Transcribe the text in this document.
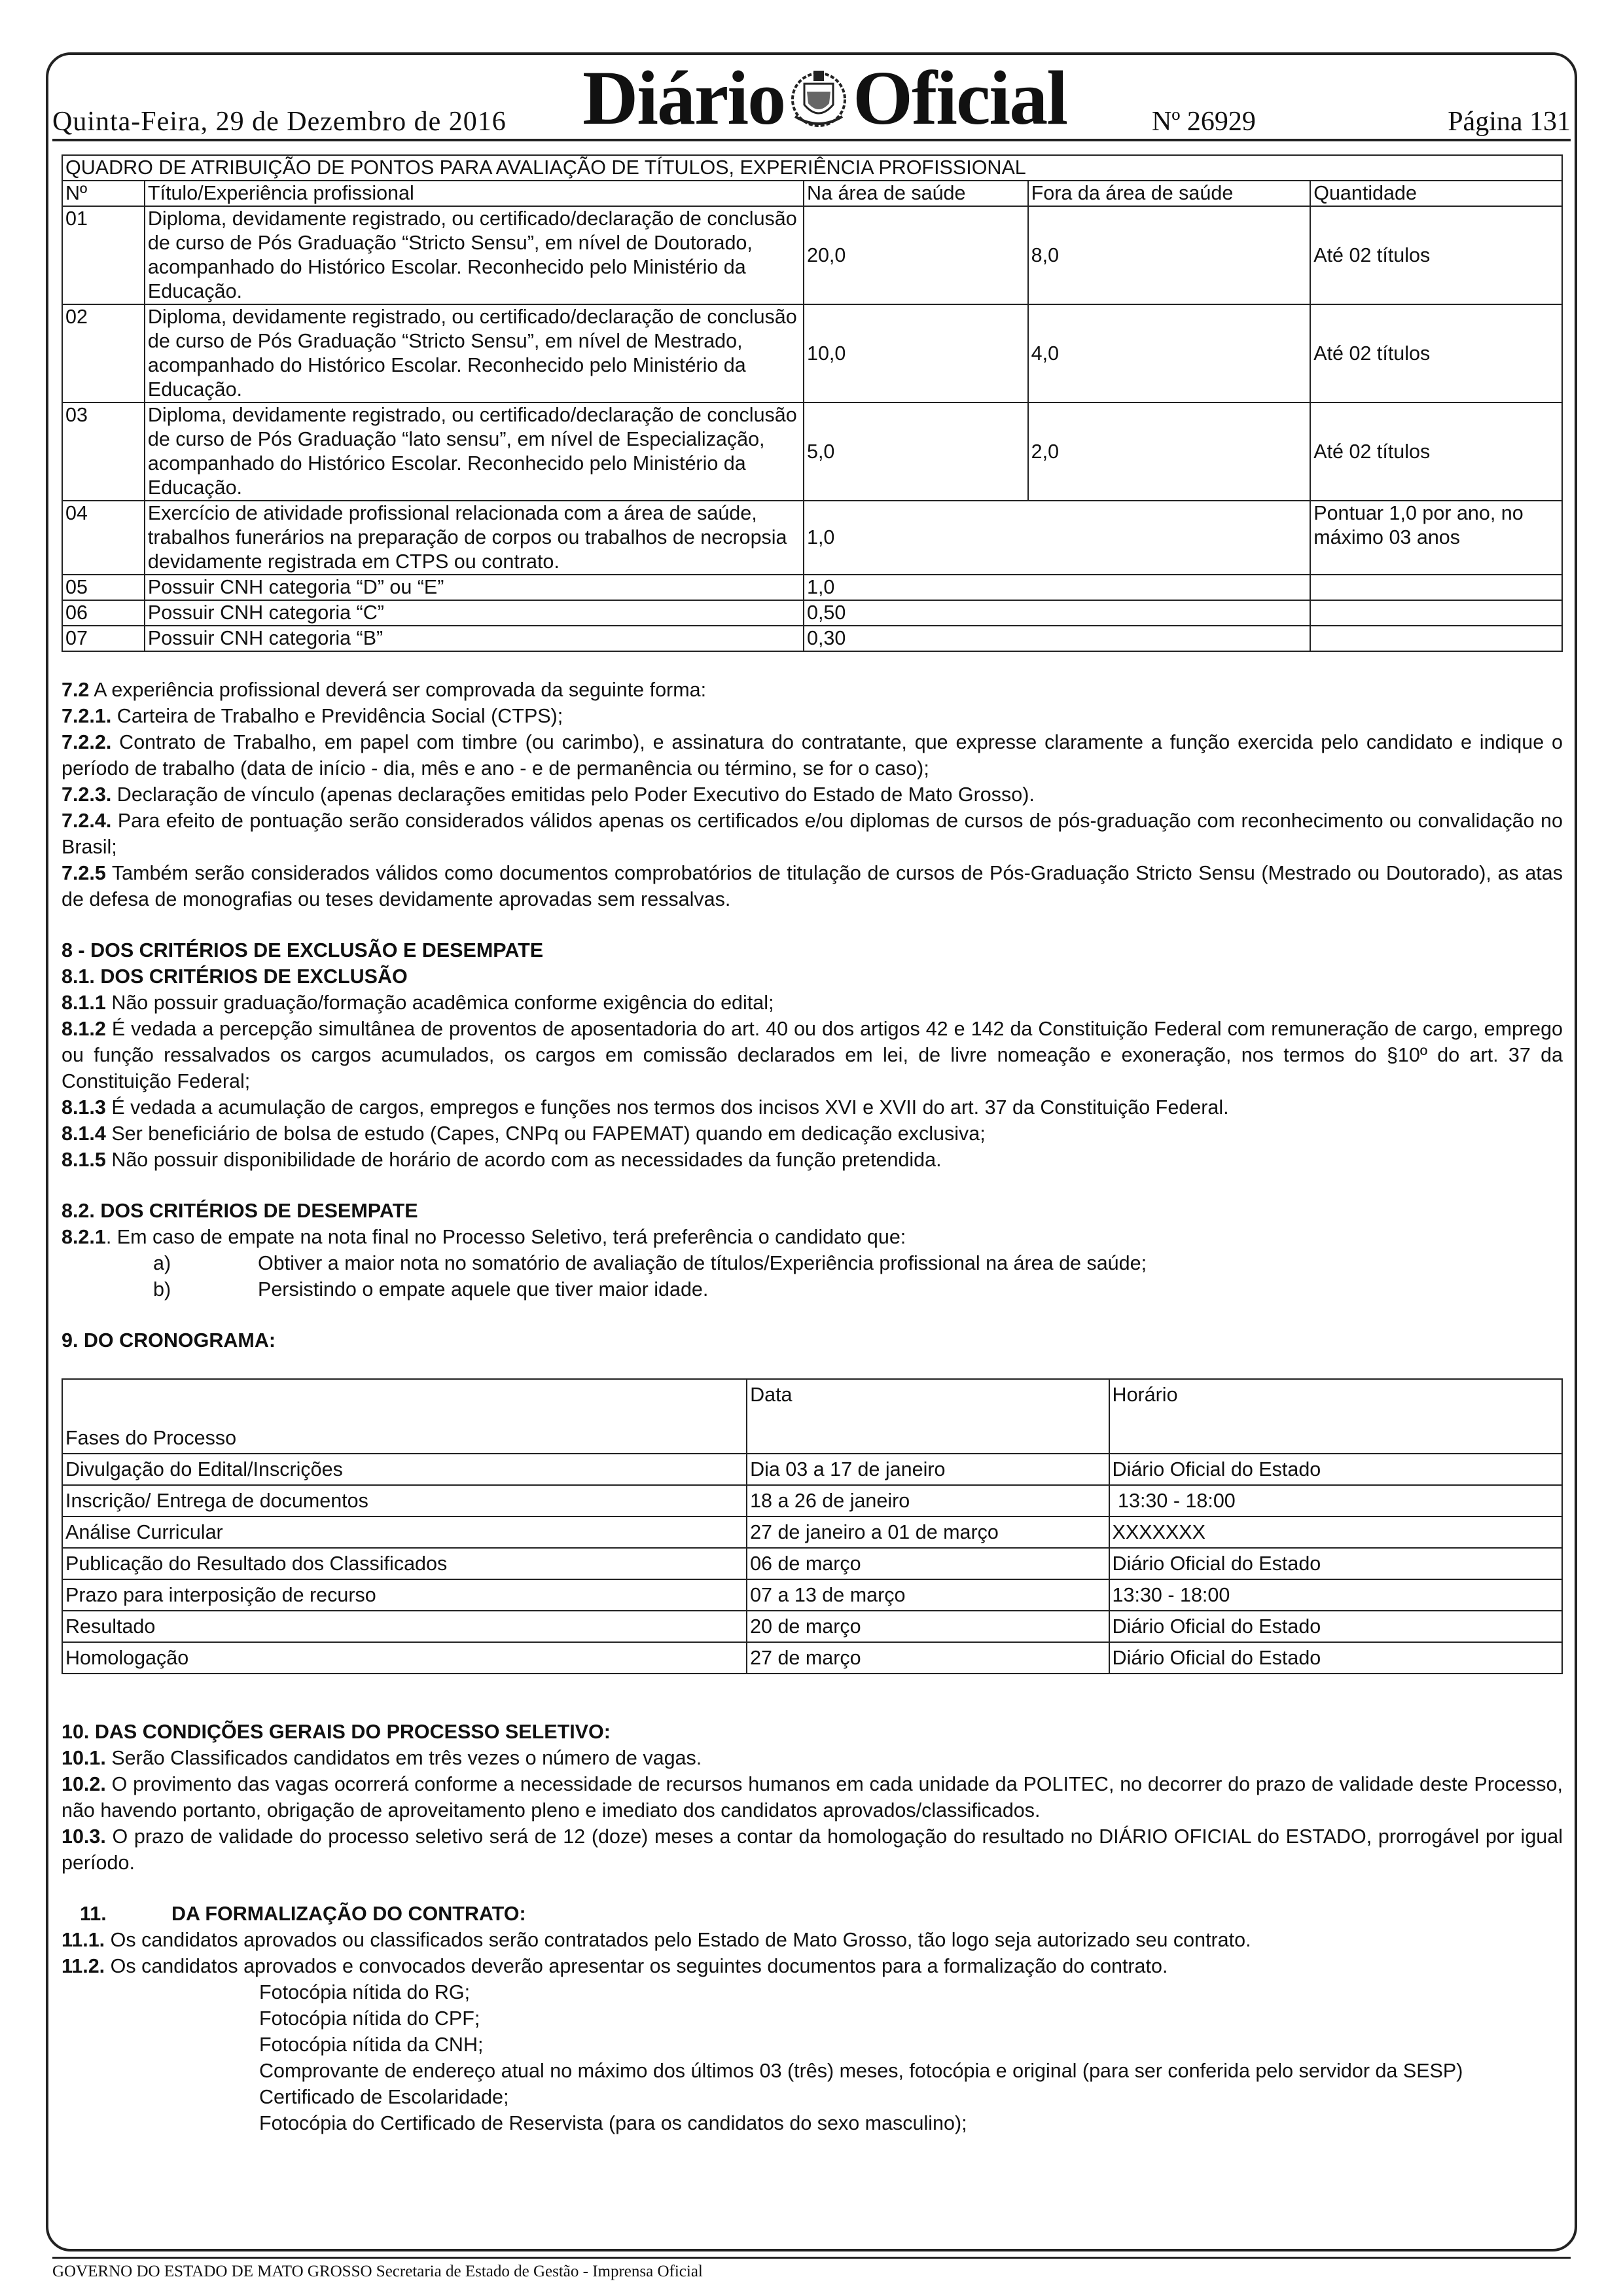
Quinta-Feira, 29 de Dezembro de 2016 Diário Oficial	Nº 26929	Página 131
QUADRO DE ATRIBUIÇÃO DE PONTOS PARA AVALIAÇÃO DE TÍTULOS, EXPERIÊNCIA PROFISSIONAL				
Nº	Título/Experiência profissional	Na área de saúde	Fora da área de saúde	Quantidade
01	Diploma, devidamente registrado, ou certificado/declaração de conclusão de curso de Pós Graduação “Stricto Sensu”, em nível de Doutorado, acompanhado do Histórico Escolar. Reconhecido pelo Ministério da Educação.	20,0	8,0	Até 02 títulos
02	Diploma, devidamente registrado, ou certificado/declaração de conclusão de curso de Pós Graduação “Stricto Sensu”, em nível de Mestrado, acompanhado do Histórico Escolar. Reconhecido pelo Ministério da Educação.	10,0	4,0	Até 02 títulos
03	Diploma, devidamente registrado, ou certificado/declaração de conclusão de curso de Pós Graduação “lato sensu”, em nível de Especialização, acompanhado do Histórico Escolar. Reconhecido pelo Ministério da Educação.	5,0	2,0	Até 02 títulos
04	Exercício de atividade profissional relacionada com a área de saúde, trabalhos funerários na preparação de corpos ou trabalhos de necropsia devidamente registrada em CTPS ou contrato.	1,0		Pontuar 1,0 por ano, no máximo 03 anos
05	Possuir CNH categoria “D” ou “E”	1,0		
06	Possuir CNH categoria “C”	0,50		
07	Possuir CNH categoria “B”	0,30		

7.2 A experiência profissional deverá ser comprovada da seguinte forma:

7.2.1. Carteira de Trabalho e Previdência Social (CTPS);

7.2.2. Contrato de Trabalho, em papel com timbre (ou carimbo), e assinatura do contratante, que expresse claramente a função exercida pelo candidato e indique o período de trabalho (data de início - dia, mês e ano - e de permanência ou término, se for o caso);

7.2.3. Declaração de vínculo (apenas declarações emitidas pelo Poder Executivo do Estado de Mato Grosso).

7.2.4. Para efeito de pontuação serão considerados válidos apenas os certificados e/ou diplomas de cursos de pós-graduação com reconhecimento ou convalidação no Brasil;

7.2.5 Também serão considerados válidos como documentos comprobatórios de titulação de cursos de Pós-Graduação Stricto Sensu (Mestrado ou Doutorado), as atas de defesa de monografias ou teses devidamente aprovadas sem ressalvas.

8 - DOS CRITÉRIOS DE EXCLUSÃO E DESEMPATE

8.1. DOS CRITÉRIOS DE EXCLUSÃO

8.1.1 Não possuir graduação/formação acadêmica conforme exigência do edital;

8.1.2 É vedada a percepção simultânea de proventos de aposentadoria do art. 40 ou dos artigos 42 e 142 da Constituição Federal com remuneração de cargo, emprego ou função ressalvados os cargos acumulados, os cargos em comissão declarados em lei, de livre nomeação e exoneração, nos termos do §10º do art. 37 da Constituição Federal;

8.1.3 É vedada a acumulação de cargos, empregos e funções nos termos dos incisos XVI e XVII do art. 37 da Constituição Federal.

8.1.4 Ser beneficiário de bolsa de estudo (Capes, CNPq ou FAPEMAT) quando em dedicação exclusiva;

8.1.5 Não possuir disponibilidade de horário de acordo com as necessidades da função pretendida.

8.2. DOS CRITÉRIOS DE DESEMPATE

8.2.1. Em caso de empate na nota final no Processo Seletivo, terá preferência o candidato que:

a)	Obtiver a maior nota no somatório de avaliação de títulos/Experiência profissional na área de saúde;
b)	Persistindo o empate aquele que tiver maior idade.

9. DO CRONOGRAMA:

Fases do Processo	Data	Horário
Divulgação do Edital/Inscrições	Dia 03 a 17 de janeiro	Diário Oficial do Estado
Inscrição/ Entrega de documentos	18 a 26 de janeiro	13:30 - 18:00
Análise Curricular	27 de janeiro a 01 de março	XXXXXXX
Publicação do Resultado dos Classificados	06 de março	Diário Oficial do Estado
Prazo para interposição de recurso	07 a 13 de março	13:30 - 18:00
Resultado	20 de março	Diário Oficial do Estado
Homologação	27 de março	Diário Oficial do Estado

10. DAS CONDIÇÕES GERAIS DO PROCESSO SELETIVO:

10.1. Serão Classificados candidatos em três vezes o número de vagas.

10.2. O provimento das vagas ocorrerá conforme a necessidade de recursos humanos em cada unidade da POLITEC, no decorrer do prazo de validade deste Processo, não havendo portanto, obrigação de aproveitamento pleno e imediato dos candidatos aprovados/classificados.

10.3. O prazo de validade do processo seletivo será de 12 (doze) meses a contar da homologação do resultado no DIÁRIO OFICIAL do ESTADO, prorrogável por igual período.

11.	DA FORMALIZAÇÃO DO CONTRATO:

11.1. Os candidatos aprovados ou classificados serão contratados pelo Estado de Mato Grosso, tão logo seja autorizado seu contrato.

11.2. Os candidatos aprovados e convocados deverão apresentar os seguintes documentos para a formalização do contrato.

Fotocópia nítida do RG;
Fotocópia nítida do CPF;
Fotocópia nítida da CNH;
Comprovante de endereço atual no máximo dos últimos 03 (três) meses, fotocópia e original (para ser conferida pelo servidor da SESP)
Certificado de Escolaridade;
Fotocópia do Certificado de Reservista (para os candidatos do sexo masculino);
GOVERNO DO ESTADO DE MATO GROSSO Secretaria de Estado de Gestão - Imprensa Oficial
